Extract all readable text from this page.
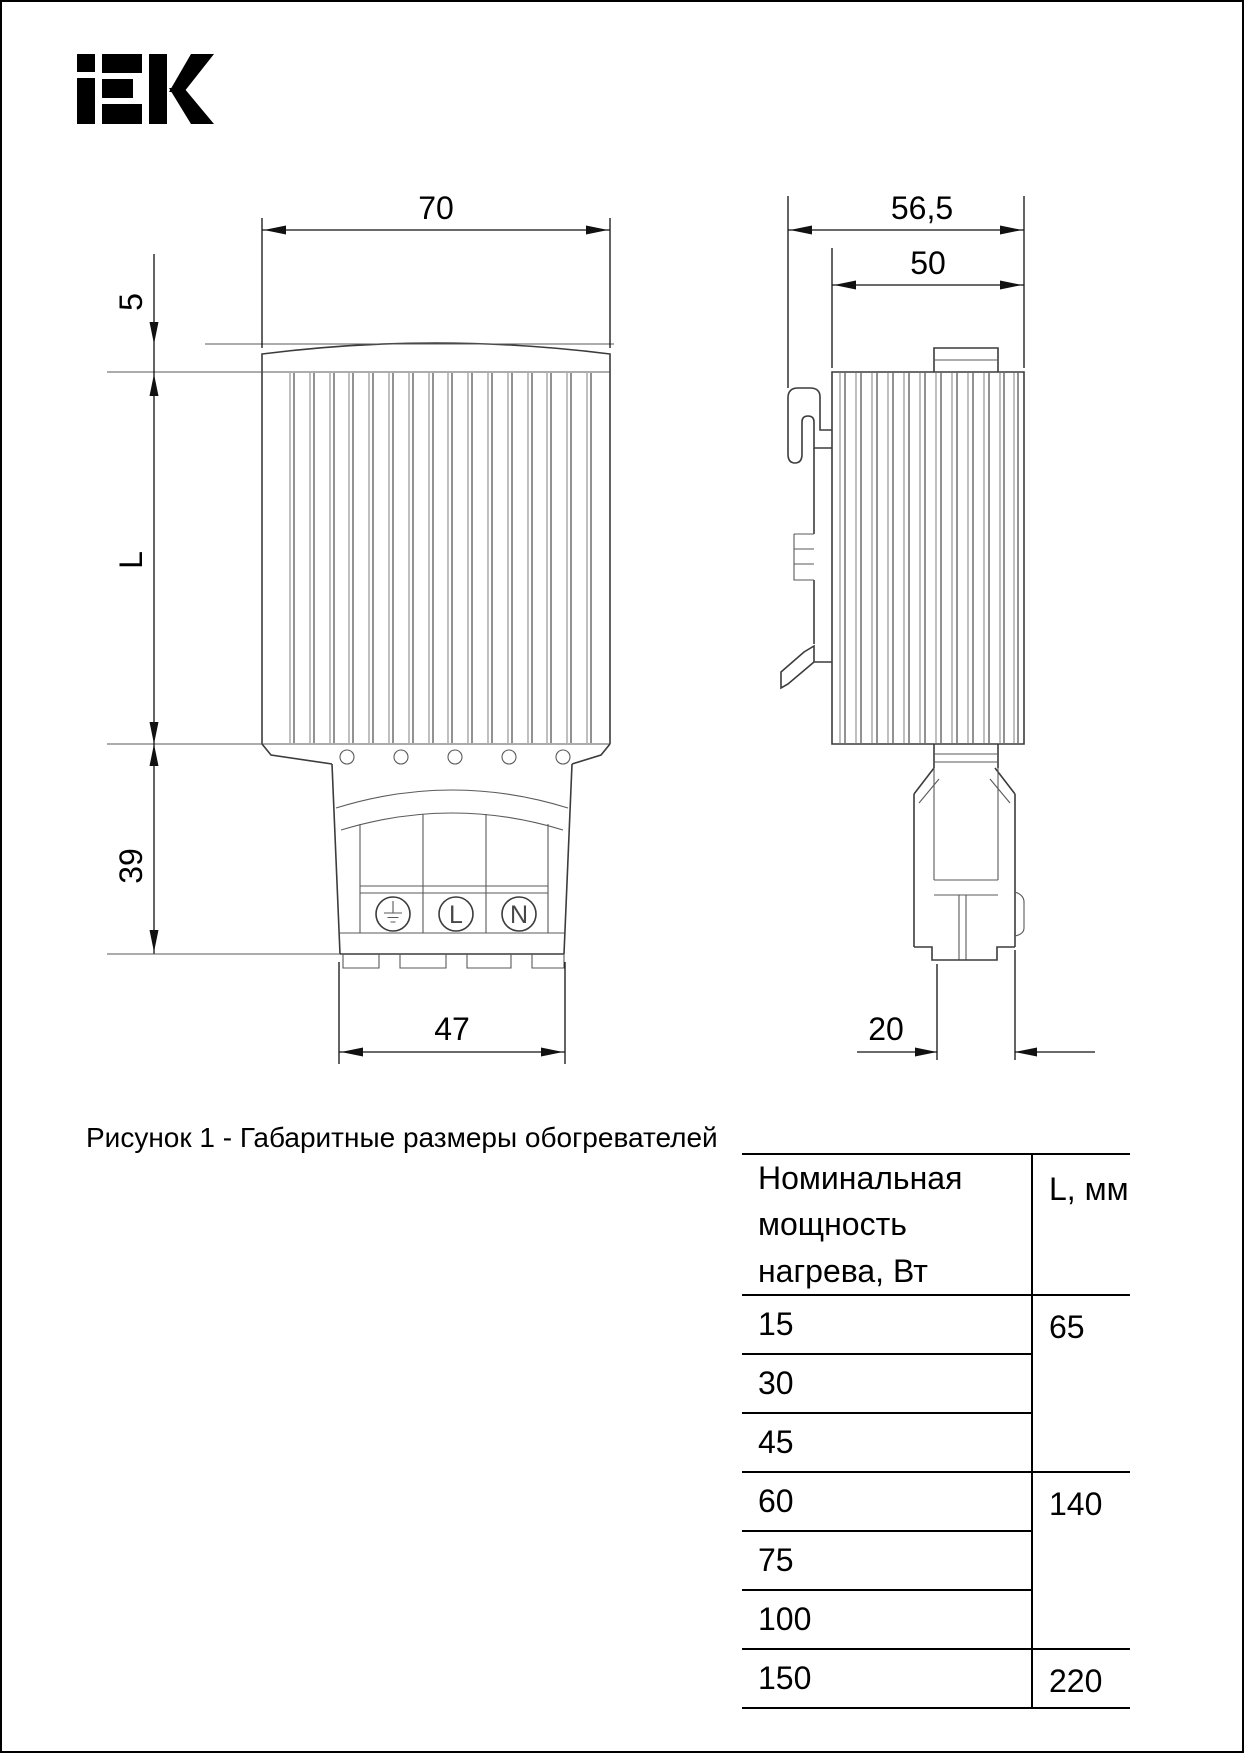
L N
70
5
L
39
47
56,5
50
20
Рисунок 1 - Габаритные размеры обогревателей
Номинальная мощность нагрева, Вт	L, мм
15	65
30	
45	
60	140
75	
100	
150	220
